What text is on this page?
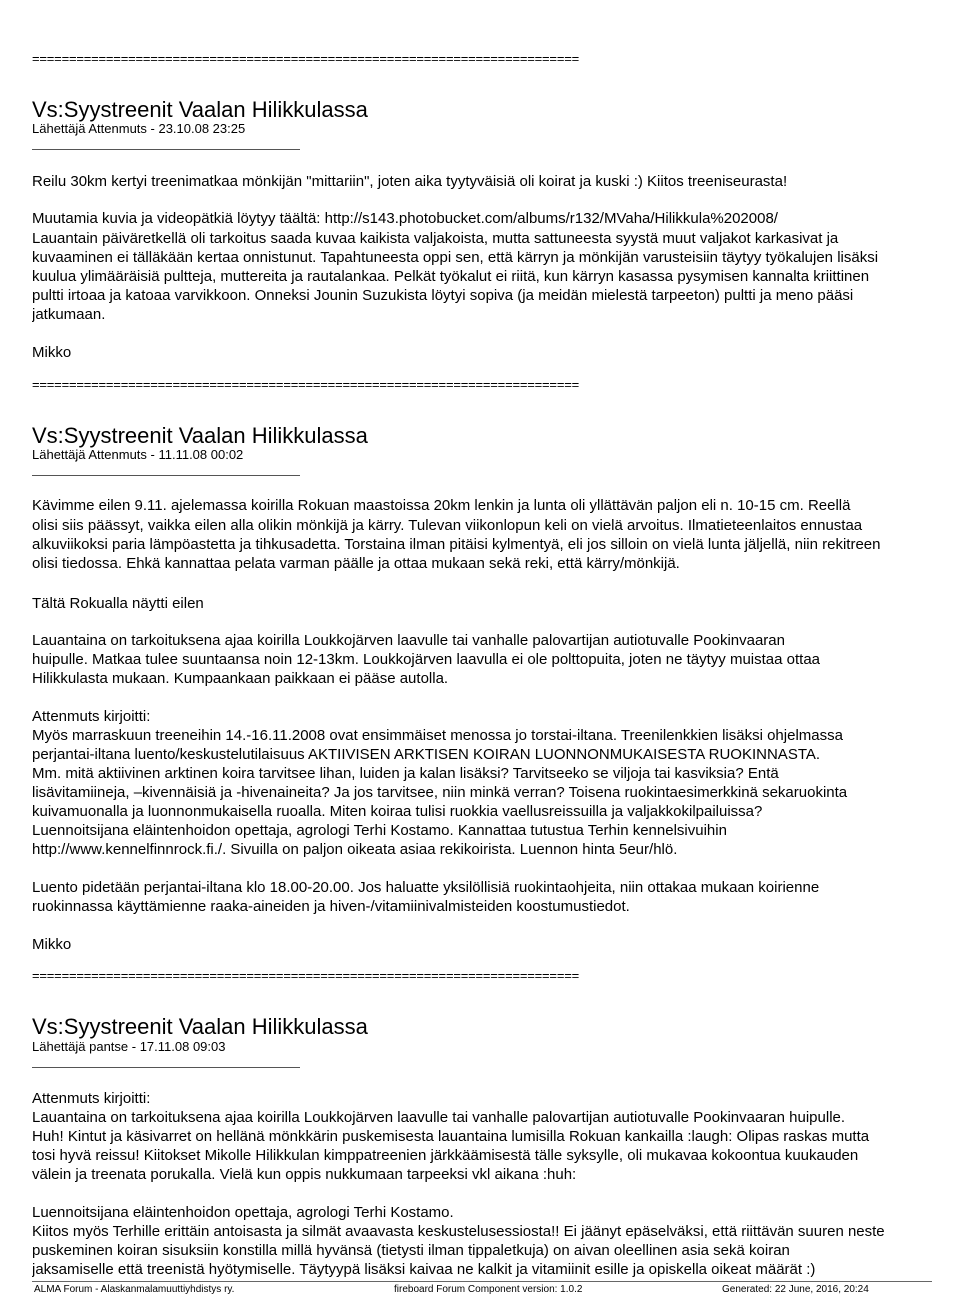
==========================================================================
Vs:Syystreenit Vaalan Hilikkulassa
Lähettäjä Attenmuts - 23.10.08 23:25
Reilu 30km kertyi treenimatkaa mönkijän "mittariin", joten aika tyytyväisiä oli koirat ja kuski :) Kiitos treeniseurasta!
Muutamia kuvia ja videopätkiä löytyy täältä: http://s143.photobucket.com/albums/r132/MVaha/Hilikkula%202008/
Lauantain päiväretkellä oli tarkoitus saada kuvaa kaikista valjakoista, mutta sattuneesta syystä muut valjakot karkasivat ja
kuvaaminen ei tälläkään kertaa onnistunut. Tapahtuneesta oppi sen, että kärryn ja mönkijän varusteisiin täytyy työkalujen lisäksi
kuulua ylimääräisiä pultteja, muttereita ja rautalankaa. Pelkät työkalut ei riitä, kun kärryn kasassa pysymisen kannalta kriittinen
pultti irtoaa ja katoaa varvikkoon. Onneksi Jounin Suzukista löytyi sopiva (ja meidän mielestä tarpeeton) pultti ja meno pääsi
jatkumaan.
Mikko
==========================================================================
Vs:Syystreenit Vaalan Hilikkulassa
Lähettäjä Attenmuts - 11.11.08 00:02
Kävimme eilen 9.11. ajelemassa koirilla Rokuan maastoissa 20km lenkin ja lunta oli yllättävän paljon eli n. 10-15 cm. Reellä
olisi siis päässyt, vaikka eilen alla olikin mönkijä ja kärry. Tulevan viikonlopun keli on vielä arvoitus. Ilmatieteenlaitos ennustaa
alkuviikoksi paria lämpöastetta ja tihkusadetta. Torstaina ilman pitäisi kylmentyä, eli jos silloin on vielä lunta jäljellä, niin rekitreen
olisi tiedossa. Ehkä kannattaa pelata varman päälle ja ottaa mukaan sekä reki, että kärry/mönkijä.
Tältä Rokualla näytti eilen
Lauantaina on tarkoituksena ajaa koirilla Loukkojärven laavulle tai vanhalle palovartijan autiotuvalle Pookinvaaran
huipulle. Matkaa tulee suuntaansa noin 12-13km. Loukkojärven laavulla ei ole polttopuita, joten ne täytyy muistaa ottaa
Hilikkulasta mukaan. Kumpaankaan paikkaan ei pääse autolla.
Attenmuts kirjoitti:
Myös marraskuun treeneihin 14.-16.11.2008 ovat ensimmäiset menossa jo torstai-iltana. Treenilenkkien lisäksi ohjelmassa
perjantai-iltana luento/keskustelutilaisuus AKTIIVISEN ARKTISEN KOIRAN LUONNONMUKAISESTA RUOKINNASTA.
Mm. mitä aktiivinen arktinen koira tarvitsee lihan, luiden ja kalan lisäksi? Tarvitseeko se viljoja tai kasviksia? Entä
lisävitamiineja, –kivennäisiä ja -hivenaineita? Ja jos tarvitsee, niin minkä verran? Toisena ruokintaesimerkkinä sekaruokinta
kuivamuonalla ja luonnonmukaisella ruoalla. Miten koiraa tulisi ruokkia vaellusreissuilla ja valjakkokilpailuissa?
Luennoitsijana eläintenhoidon opettaja, agrologi Terhi Kostamo. Kannattaa tutustua Terhin kennelsivuihin
http://www.kennelfinnrock.fi./. Sivuilla on paljon oikeata asiaa rekikoirista. Luennon hinta 5eur/hlö.
Luento pidetään perjantai-iltana klo 18.00-20.00. Jos haluatte yksilöllisiä ruokintaohjeita, niin ottakaa mukaan koirienne
ruokinnassa käyttämienne raaka-aineiden ja hiven-/vitamiinivalmisteiden koostumustiedot.
Mikko
==========================================================================
Vs:Syystreenit Vaalan Hilikkulassa
Lähettäjä pantse - 17.11.08 09:03
Attenmuts kirjoitti:
Lauantaina on tarkoituksena ajaa koirilla Loukkojärven laavulle tai vanhalle palovartijan autiotuvalle Pookinvaaran huipulle.
Huh! Kintut ja käsivarret on hellänä mönkkärin puskemisesta lauantaina lumisilla Rokuan kankailla :laugh: Olipas raskas mutta
tosi hyvä reissu! Kiitokset Mikolle Hilikkulan kimppatreenien järkkäämisestä tälle syksylle, oli mukavaa kokoontua kuukauden
välein ja treenata porukalla. Vielä kun oppis nukkumaan tarpeeksi vkl aikana :huh:
Luennoitsijana eläintenhoidon opettaja, agrologi Terhi Kostamo.
Kiitos myös Terhille erittäin antoisasta ja silmät avaavasta keskustelusessiosta!! Ei jäänyt epäselväksi, että riittävän suuren neste
puskeminen koiran sisuksiin konstilla millä hyvänsä (tietysti ilman tippaletkuja) on aivan oleellinen asia sekä koiran
jaksamiselle että treenistä hyötymiselle. Täytyypä lisäksi kaivaa ne kalkit ja vitamiinit esille ja opiskella oikeat määrät :)
ALMA Forum - Alaskanmalamuuttiyhdistys ry.	fireboard Forum Component version: 1.0.2	Generated: 22 June, 2016, 20:24
